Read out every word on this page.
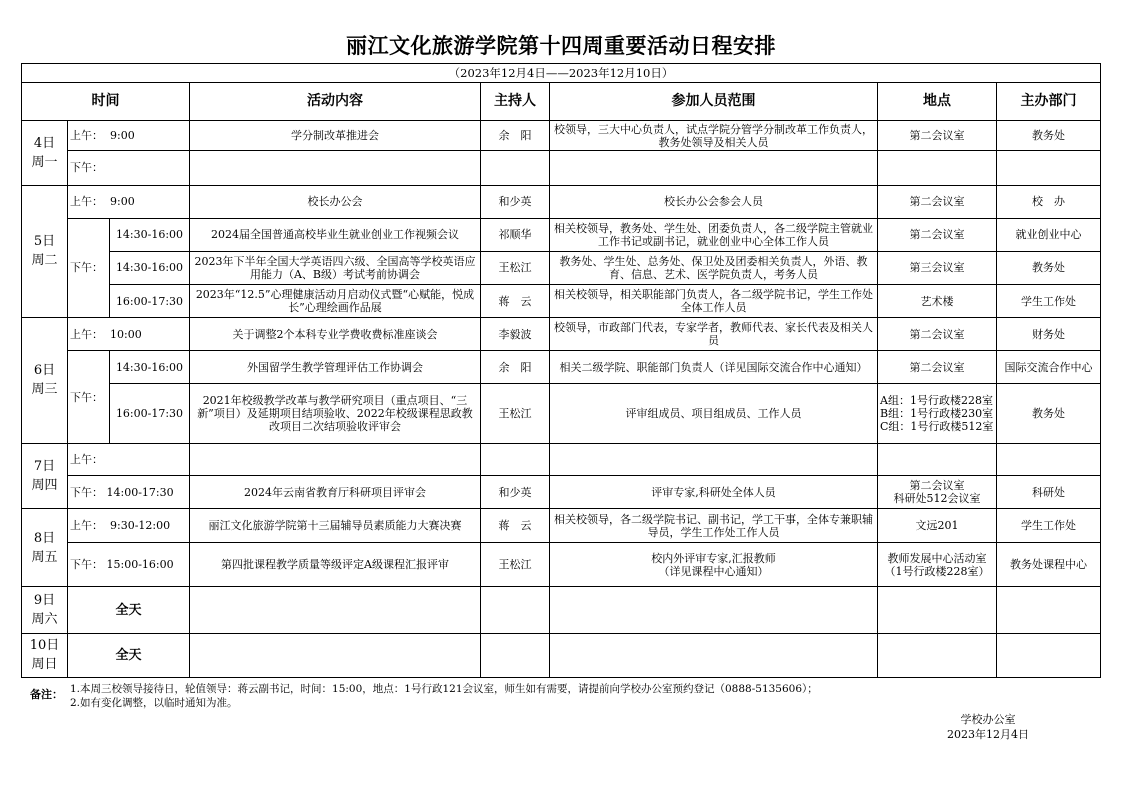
丽江文化旅游学院第十四周重要活动日程安排
（2023年12月4日——2023年12月10日）							
时间			活动内容	主持人	参加人员范围	地点	主办部门
4日
周一	上午： 9:00		学分制改革推进会	余　阳	校领导，三大中心负责人，试点学院分管学分制改革工作负责人，教务处领导及相关人员	第二会议室	教务处
	下午：						
5日
周二	上午： 9:00		校长办公会	和少英	校长办公会参会人员	第二会议室	校　办
	下午：	14:30-16:00	2024届全国普通高校毕业生就业创业工作视频会议	祁顺华	相关校领导，教务处、学生处、团委负责人，各二级学院主管就业工作书记或副书记，就业创业中心全体工作人员	第二会议室	就业创业中心
		14:30-16:00	2023年下半年全国大学英语四六级、全国高等学校英语应用能力（A、B级）考试考前协调会	王松江	教务处、学生处、总务处、保卫处及团委相关负责人，外语、教育、信息、艺术、医学院负责人，考务人员	第三会议室	教务处
		16:00-17:30	2023年“12.5”心理健康活动月启动仪式暨“心赋能，悦成长”心理绘画作品展	蒋　云	相关校领导，相关职能部门负责人，各二级学院书记，学生工作处全体工作人员	艺术楼	学生工作处
6日
周三	上午： 10:00		关于调整2个本科专业学费收费标准座谈会	李毅波	校领导，市政部门代表，专家学者，教师代表、家长代表及相关人员	第二会议室	财务处
	下午：	14:30-16:00	外国留学生教学管理评估工作协调会	余　阳	相关二级学院、职能部门负责人（详见国际交流合作中心通知）	第二会议室	国际交流合作中心
		16:00-17:30	2021年校级教学改革与教学研究项目（重点项目、“三新”项目）及延期项目结项验收、2022年校级课程思政教改项目二次结项验收评审会	王松江	评审组成员、项目组成员、工作人员	A组：1号行政楼228室
B组：1号行政楼230室
C组：1号行政楼512室	教务处
7日
周四	上午：						
	下午： 14:00-17:30		2024年云南省教育厅科研项目评审会	和少英	评审专家,科研处全体人员	第二会议室
科研处512会议室	科研处
8日
周五	上午： 9:30-12:00		丽江文化旅游学院第十三届辅导员素质能力大赛决赛	蒋　云	相关校领导，各二级学院书记、副书记，学工干事，全体专兼职辅导员，学生工作处工作人员	文远201	学生工作处
	下午： 15:00-16:00		第四批课程教学质量等级评定A级课程汇报评审	王松江	校内外评审专家,汇报教师
（详见课程中心通知）	教师发展中心活动室
（1号行政楼228室）	教务处课程中心
9日
周六	全天						
10日
周日	全天						
备注： 1.本周三校领导接待日，轮值领导：蒋云副书记，时间：15:00，地点：1号行政121会议室，师生如有需要，请提前向学校办公室预约登记（0888-5135606）；
2.如有变化调整，以临时通知为准。
学校办公室
2023年12月4日
